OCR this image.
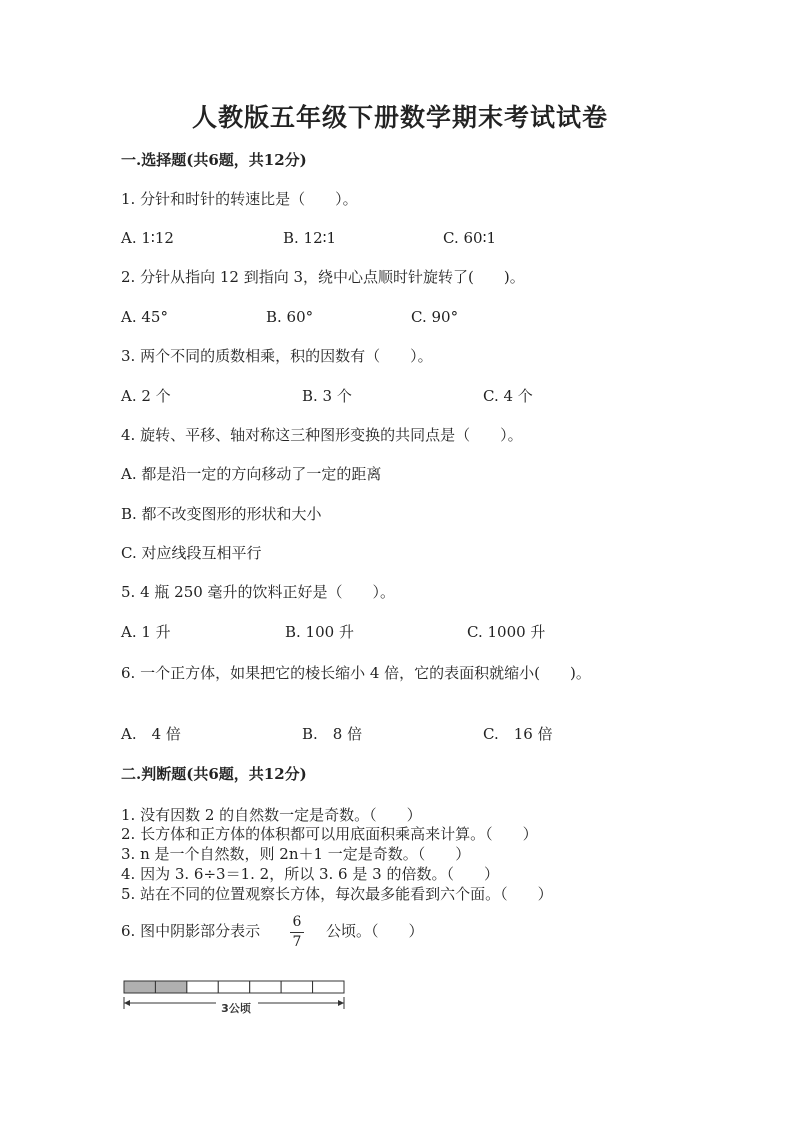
人教版五年级下册数学期末考试试卷
一.选择题(共6题，共12分)
1. 分针和时针的转速比是（　　）。
A. 1∶12	B. 12∶1	C. 60∶1
2. 分针从指向 12 到指向 3，绕中心点顺时针旋转了(　　)。
A. 45°	B. 60°	C. 90°
3. 两个不同的质数相乘，积的因数有（　　）。
A. 2 个	B. 3 个	C. 4 个
4. 旋转、平移、轴对称这三种图形变换的共同点是（　　）。
A. 都是沿一定的方向移动了一定的距离
B. 都不改变图形的形状和大小
C. 对应线段互相平行
5. 4 瓶 250 毫升的饮料正好是（　　）。
A. 1 升	B. 100 升	C. 1000 升
6. 一个正方体，如果把它的棱长缩小 4 倍，它的表面积就缩小(　　)。
A.　4 倍	B.　8 倍	C.　16 倍
二.判断题(共6题，共12分)
1. 没有因数 2 的自然数一定是奇数。（　　）
2. 长方体和正方体的体积都可以用底面积乘高来计算。（　　）
3. n 是一个自然数，则 2n＋1 一定是奇数。（　　）
4. 因为 3. 6÷3＝1. 2，所以 3. 6 是 3 的倍数。（　　）
5. 站在不同的位置观察长方体，每次最多能看到六个面。（　　）
6. 图中阴影部分表示	6
7
公顷。（　　）
3公顷
